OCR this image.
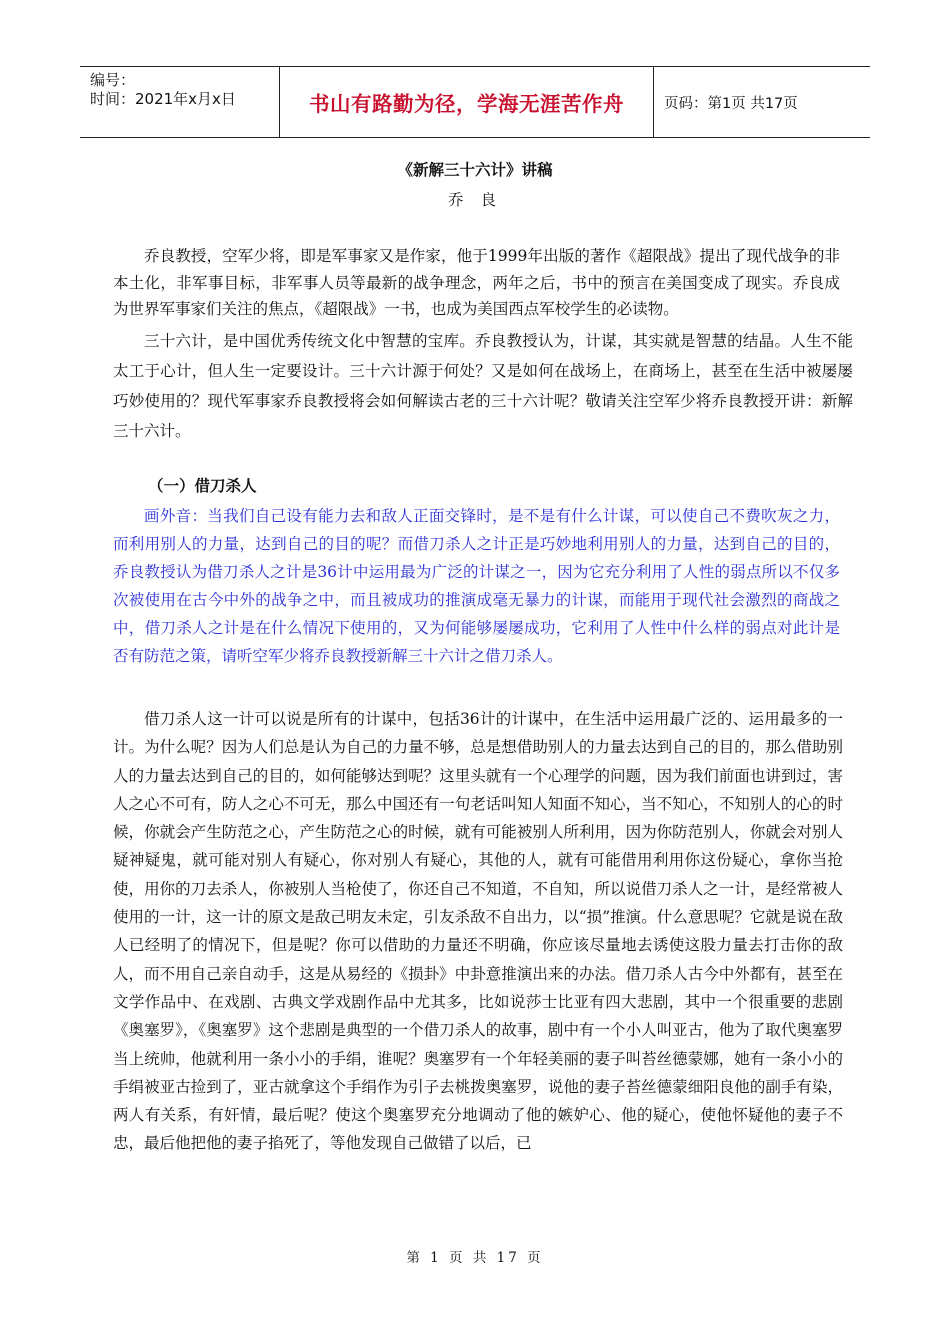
编号：
时间：2021年x月x日	书山有路勤为径，学海无涯苦作舟	页码：第1页 共17页
《新解三十六计》讲稿
乔 良

乔良教授，空军少将，即是军事家又是作家，他于1999年出版的著作《超限战》提出了现代战争的非本土化，非军事目标，非军事人员等最新的战争理念，两年之后，书中的预言在美国变成了现实。乔良成为世界军事家们关注的焦点，《超限战》一书，也成为美国西点军校学生的必读物。

三十六计，是中国优秀传统文化中智慧的宝库。乔良教授认为，计谋，其实就是智慧的结晶。人生不能太工于心计，但人生一定要设计。三十六计源于何处？又是如何在战场上，在商场上，甚至在生活中被屡屡巧妙使用的？现代军事家乔良教授将会如何解读古老的三十六计呢？敬请关注空军少将乔良教授开讲：新解三十六计。

（一）借刀杀人

画外音：当我们自己设有能力去和敌人正面交锋时，是不是有什么计谋，可以使自己不费吹灰之力，而利用别人的力量，达到自己的目的呢？而借刀杀人之计正是巧妙地利用别人的力量，达到自己的目的，乔良教授认为借刀杀人之计是36计中运用最为广泛的计谋之一，因为它充分利用了人性的弱点所以不仅多次被使用在古今中外的战争之中，而且被成功的推演成毫无暴力的计谋，而能用于现代社会激烈的商战之中，借刀杀人之计是在什么情况下使用的，又为何能够屡屡成功，它利用了人性中什么样的弱点对此计是否有防范之策，请听空军少将乔良教授新解三十六计之借刀杀人。

借刀杀人这一计可以说是所有的计谋中，包括36计的计谋中，在生活中运用最广泛的、运用最多的一计。为什么呢？因为人们总是认为自己的力量不够，总是想借助别人的力量去达到自己的目的，那么借助别人的力量去达到自己的目的，如何能够达到呢？这里头就有一个心理学的问题，因为我们前面也讲到过，害人之心不可有，防人之心不可无，那么中国还有一句老话叫知人知面不知心，当不知心，不知别人的心的时候，你就会产生防范之心，产生防范之心的时候，就有可能被别人所利用，因为你防范别人，你就会对别人疑神疑鬼，就可能对别人有疑心，你对别人有疑心，其他的人，就有可能借用利用你这份疑心，拿你当抢使，用你的刀去杀人，你被别人当枪使了，你还自己不知道，不自知，所以说借刀杀人之一计，是经常被人使用的一计，这一计的原文是敌己明友未定，引友杀敌不自出力，以“损”推演。什么意思呢？它就是说在敌人已经明了的情况下，但是呢？你可以借助的力量还不明确，你应该尽量地去诱使这股力量去打击你的敌人，而不用自己亲自动手，这是从易经的《损卦》中卦意推演出来的办法。借刀杀人古今中外都有，甚至在文学作品中、在戏剧、古典文学戏剧作品中尤其多，比如说莎士比亚有四大悲剧，其中一个很重要的悲剧《奥塞罗》，《奥塞罗》这个悲剧是典型的一个借刀杀人的故事，剧中有一个小人叫亚古，他为了取代奥塞罗当上统帅，他就利用一条小小的手绢，谁呢？奥塞罗有一个年轻美丽的妻子叫苔丝德蒙娜，她有一条小小的手绢被亚古捡到了，亚古就拿这个手绢作为引子去桃拨奥塞罗，说他的妻子苔丝德蒙细阳良他的副手有染，两人有关系，有奸情，最后呢？使这个奥塞罗充分地调动了他的嫉妒心、他的疑心，使他怀疑他的妻子不忠，最后他把他的妻子掐死了，等他发现自己做错了以后，已

第 1 页 共 17 页
